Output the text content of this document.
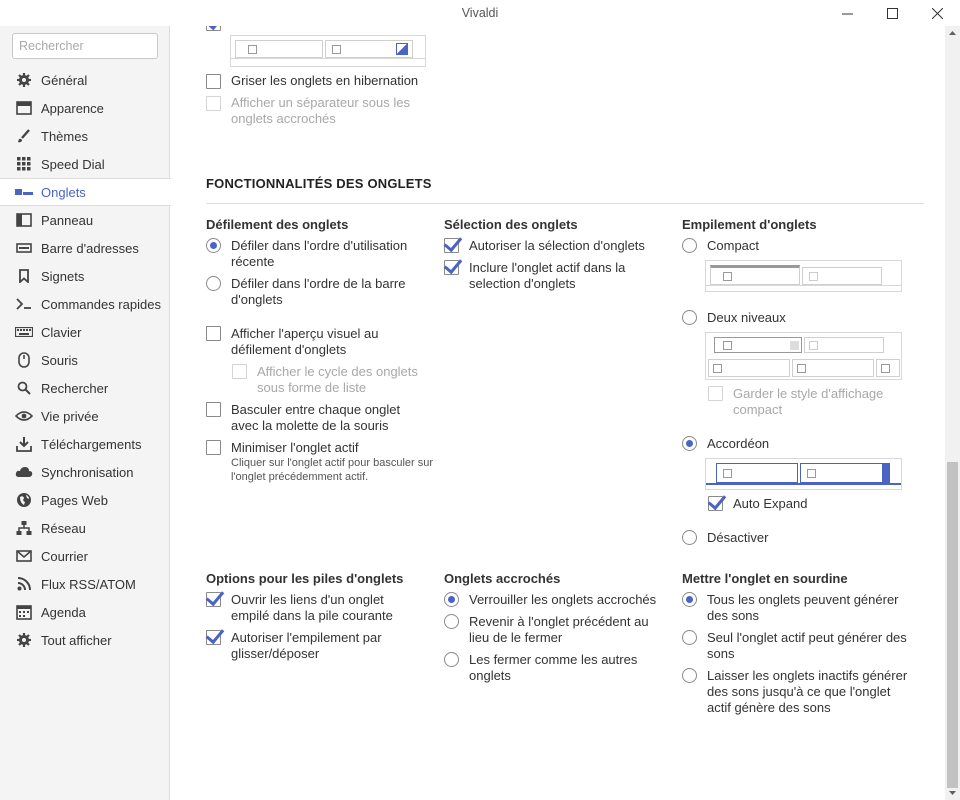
Vivaldi
Rechercher
Général
Apparence
Thèmes
Speed Dial
Onglets
Panneau
Barre d'adresses
Signets
Commandes rapides
Clavier
Souris
Rechercher
Vie privée
Téléchargements
Synchronisation
Pages Web
Réseau
Courrier
Flux RSS/ATOM
Agenda
Tout afficher
Griser les onglets en hibernation
Afficher un séparateur sous les onglets accrochés
FONCTIONNALITÉS DES ONGLETS
Défilement des onglets
Défiler dans l'ordre d'utilisation récente
Défiler dans l'ordre de la barre d'onglets
Afficher l'aperçu visuel au défilement d'onglets
Afficher le cycle des onglets sous forme de liste
Basculer entre chaque onglet avec la molette de la souris
Minimiser l'onglet actif
Cliquer sur l'onglet actif pour basculer sur l'onglet précédemment actif.
Sélection des onglets
Autoriser la sélection d'onglets
Inclure l'onglet actif dans la selection d'onglets
Empilement d'onglets
Compact
Deux niveaux
Garder le style d'affichage compact
Accordéon
Auto Expand
Désactiver
Options pour les piles d'onglets
Ouvrir les liens d'un onglet empilé dans la pile courante
Autoriser l'empilement par glisser/déposer
Onglets accrochés
Verrouiller les onglets accrochés
Revenir à l'onglet précédent au lieu de le fermer
Les fermer comme les autres onglets
Mettre l'onglet en sourdine
Tous les onglets peuvent générer des sons
Seul l'onglet actif peut générer des sons
Laisser les onglets inactifs générer des sons jusqu'à ce que l'onglet actif génère des sons
